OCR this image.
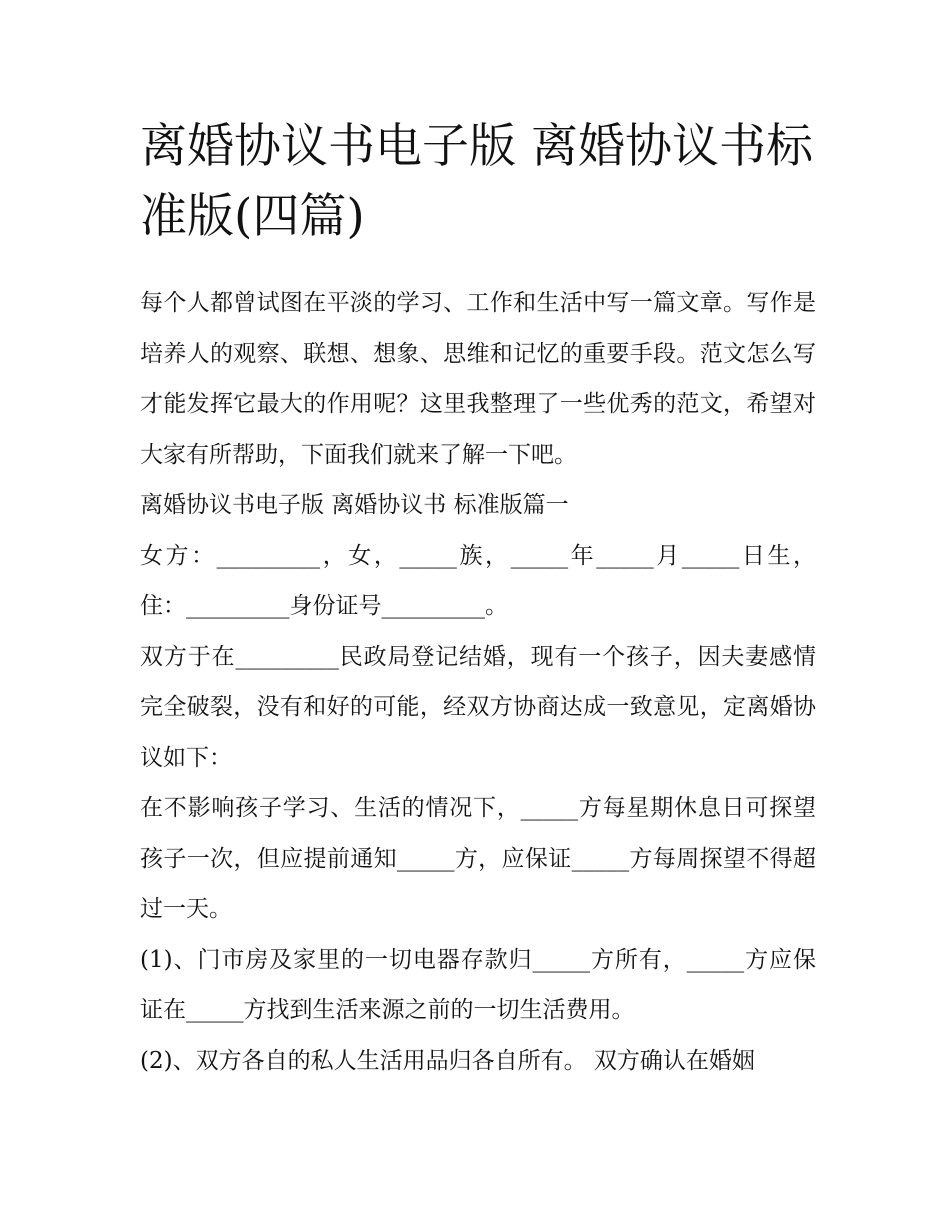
离婚协议书电子版 离婚协议书标准版(四篇)

每个人都曾试图在平淡的学习、工作和生活中写一篇文章。写作是培养人的观察、联想、想象、思维和记忆的重要手段。范文怎么写才能发挥它最大的作用呢？这里我整理了一些优秀的范文，希望对大家有所帮助，下面我们就来了解一下吧。

离婚协议书电子版 离婚协议书 标准版篇一

女方：_________，女，_____族，_____年_____月_____日生，住：_________身份证号_________。

双方于在_________民政局登记结婚，现有一个孩子，因夫妻感情完全破裂，没有和好的可能，经双方协商达成一致意见，定离婚协议如下：

在不影响孩子学习、生活的情况下，_____方每星期休息日可探望孩子一次，但应提前通知_____方，应保证_____方每周探望不得超过一天。

(1)、门市房及家里的一切电器存款归_____方所有，_____方应保证在_____方找到生活来源之前的一切生活费用。

(2)、双方各自的私人生活用品归各自所有。 双方确认在婚姻
